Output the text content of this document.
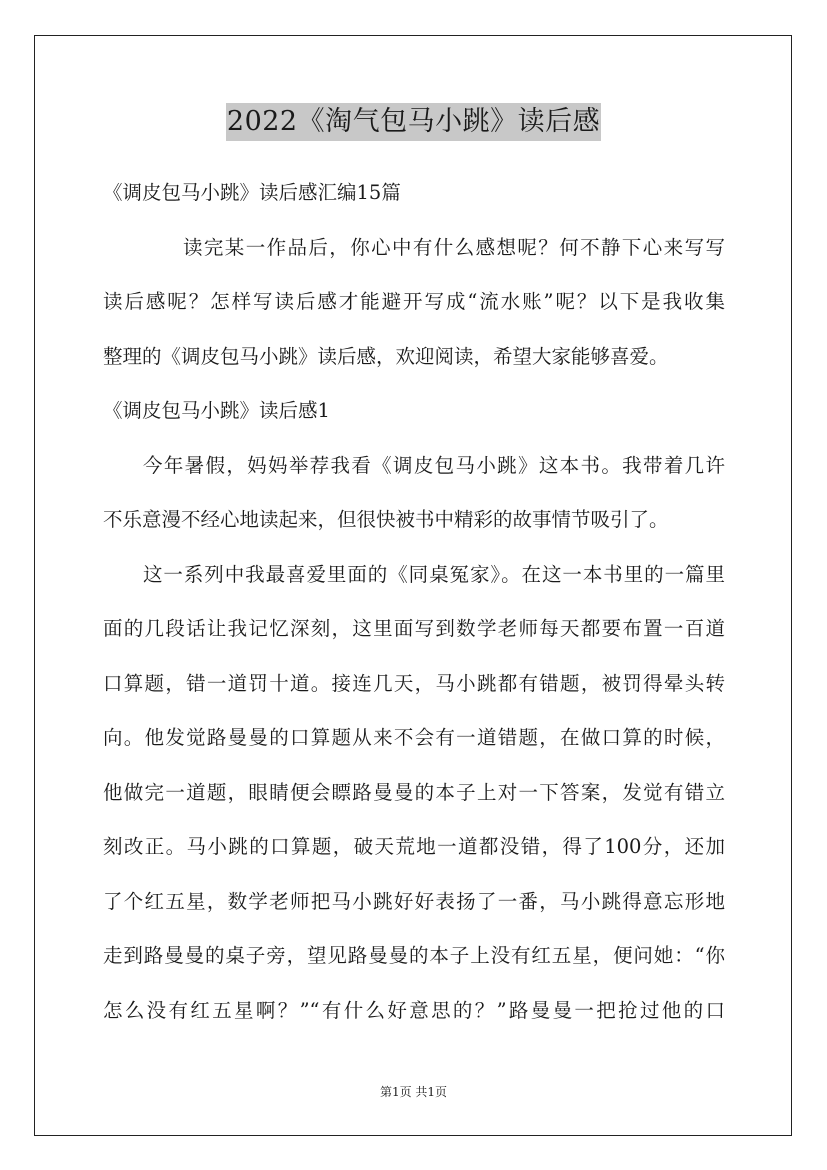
2022《淘气包马小跳》读后感
《调皮包马小跳》读后感汇编15篇
读完某一作品后，你心中有什么感想呢？何不静下心来写写
读后感呢？怎样写读后感才能避开写成“流水账”呢？以下是我收集
整理的《调皮包马小跳》读后感，欢迎阅读，希望大家能够喜爱。
《调皮包马小跳》读后感1
今年暑假，妈妈举荐我看《调皮包马小跳》这本书。我带着几许
不乐意漫不经心地读起来，但很快被书中精彩的故事情节吸引了。
这一系列中我最喜爱里面的《同桌冤家》。在这一本书里的一篇里
面的几段话让我记忆深刻，这里面写到数学老师每天都要布置一百道
口算题，错一道罚十道。接连几天，马小跳都有错题，被罚得晕头转
向。他发觉路曼曼的口算题从来不会有一道错题，在做口算的时候，
他做完一道题，眼睛便会瞟路曼曼的本子上对一下答案，发觉有错立
刻改正。马小跳的口算题，破天荒地一道都没错，得了100分，还加
了个红五星，数学老师把马小跳好好表扬了一番，马小跳得意忘形地
走到路曼曼的桌子旁，望见路曼曼的本子上没有红五星，便问她：“你
怎么没有红五星啊？”“有什么好意思的？”路曼曼一把抢过他的口
第1页 共1页
